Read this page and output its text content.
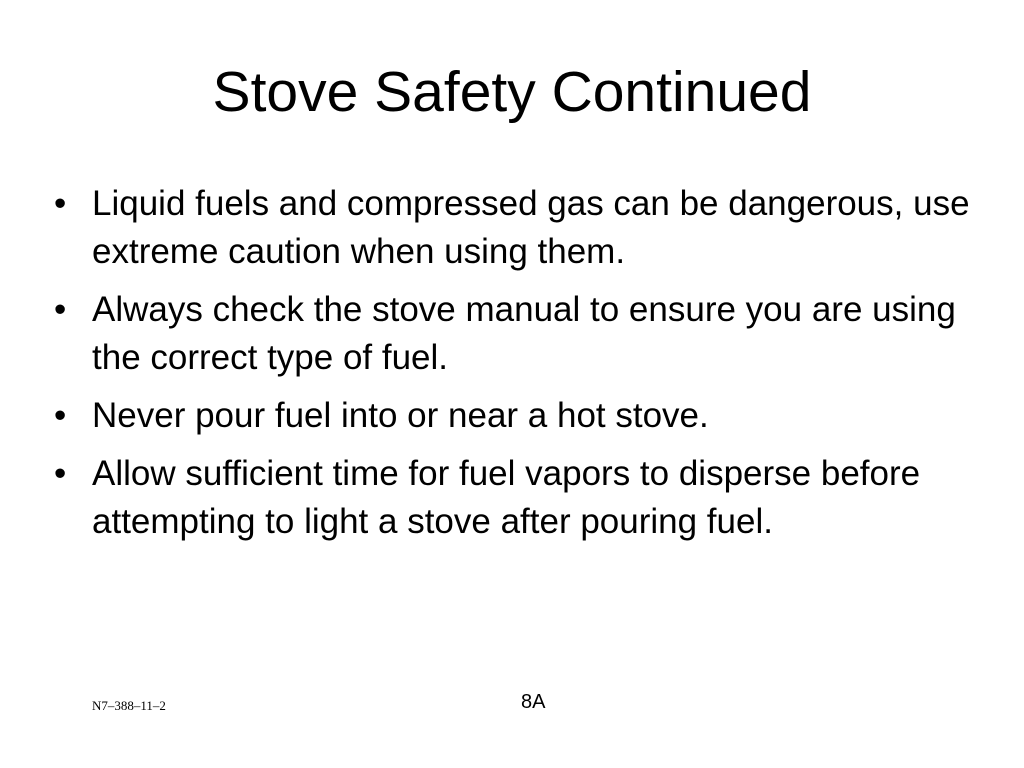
Stove Safety Continued
• Liquid fuels and compressed gas can be dangerous, use extreme caution when using them.
• Always check the stove manual to ensure you are using the correct type of fuel.
• Never pour fuel into or near a hot stove.
• Allow sufficient time for fuel vapors to disperse before attempting to light a stove after pouring fuel.
N7–388–11–2	8A
